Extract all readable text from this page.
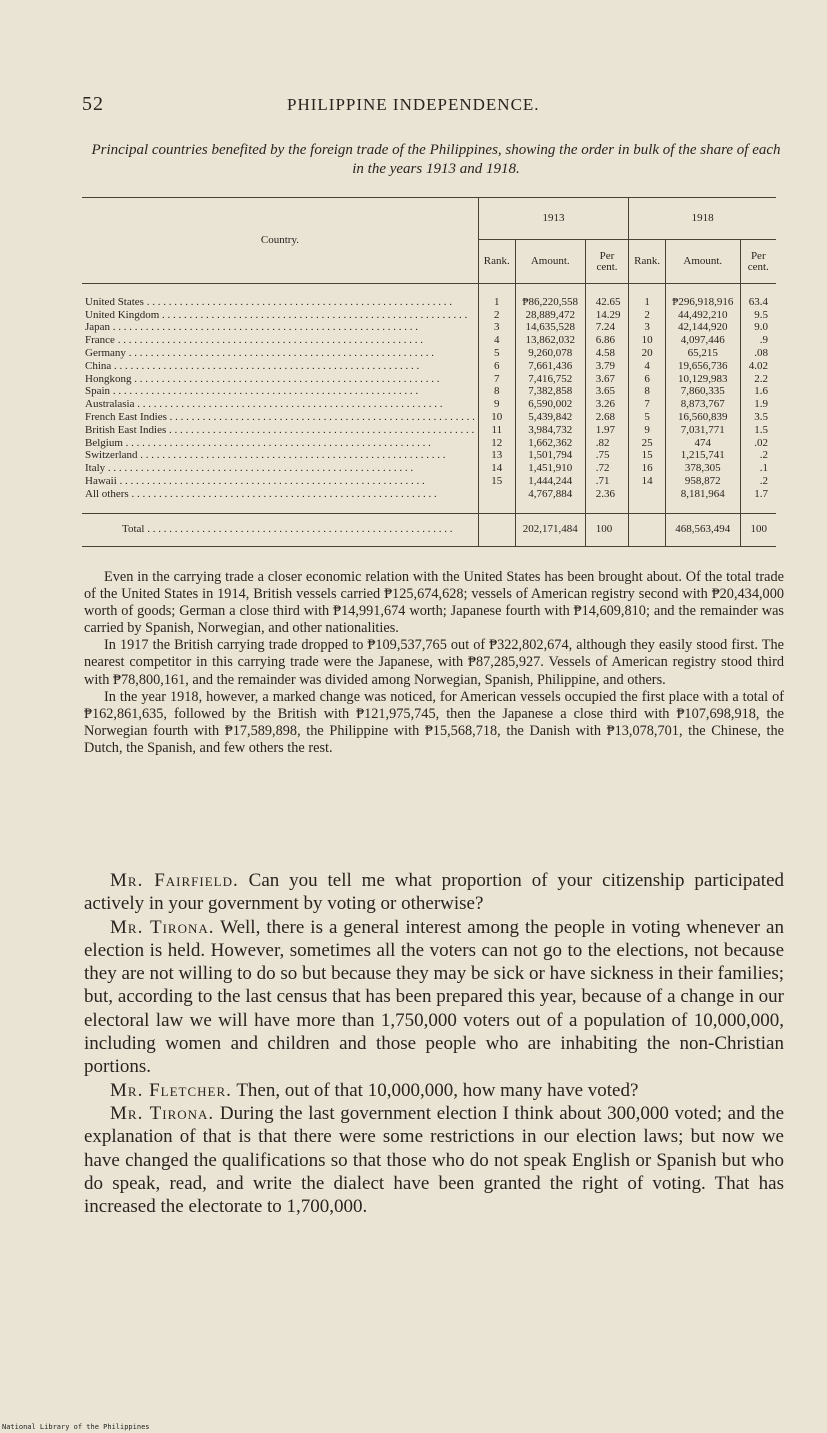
52	PHILIPPINE INDEPENDENCE.
Principal countries benefited by the foreign trade of the Philippines, showing the order in bulk of the share of each in the years 1913 and 1918.
Country.	1913			1918		
	Rank.	Amount.	Per cent.	Rank.	Amount.	Per cent.

United States . . .	1	₱86,220,558	42.65	1	₱296,918,916	63.4
United Kingdom . . .	2	28,889,472	14.29	2	44,492,210	9.5
Japan . . .	3	14,635,528	7.24	3	42,144,920	9.0
France . . .	4	13,862,032	6.86	10	4,097,446	.9
Germany . . .	5	9,260,078	4.58	20	65,215	.08
China . . .	6	7,661,436	3.79	4	19,656,736	4.02
Hongkong . . .	7	7,416,752	3.67	6	10,129,983	2.2
Spain . . .	8	7,382,858	3.65	8	7,860,335	1.6
Australasia . . .	9	6,590,002	3.26	7	8,873,767	1.9
French East Indies . . .	10	5,439,842	2.68	5	16,560,839	3.5
British East Indies . . .	11	3,984,732	1.97	9	7,031,771	1.5
Belgium . . .	12	1,662,362	.82	25	474	.02
Switzerland . . .	13	1,501,794	.75	15	1,215,741	.2
Italy . . .	14	1,451,910	.72	16	378,305	.1
Hawaii . . .	15	1,444,244	.71	14	958,872	.2
All others . . .		4,767,884	2.36		8,181,964	1.7

Total . . .		202,171,484	100		468,563,494	100

Even in the carrying trade a closer economic relation with the United States has been brought about. Of the total trade of the United States in 1914, British vessels carried ₱125,674,628; vessels of American registry second with ₱20,434,000 worth of goods; German a close third with ₱14,991,674 worth; Japanese fourth with ₱14,609,810; and the remainder was carried by Spanish, Norwegian, and other nationalities.

In 1917 the British carrying trade dropped to ₱109,537,765 out of ₱322,802,674, although they easily stood first. The nearest competitor in this carrying trade were the Japanese, with ₱87,285,927. Vessels of American registry stood third with ₱78,800,161, and the remainder was divided among Norwegian, Spanish, Philippine, and others.

In the year 1918, however, a marked change was noticed, for American vessels occupied the first place with a total of ₱162,861,635, followed by the British with ₱121,975,745, then the Japanese a close third with ₱107,698,918, the Norwegian fourth with ₱17,589,898, the Philippine with ₱15,568,718, the Danish with ₱13,078,701, the Chinese, the Dutch, the Spanish, and few others the rest.

Mr. Fairfield. Can you tell me what proportion of your citizenship participated actively in your government by voting or otherwise?

Mr. Tirona. Well, there is a general interest among the people in voting whenever an election is held. However, sometimes all the voters can not go to the elections, not because they are not willing to do so but because they may be sick or have sickness in their families; but, according to the last census that has been prepared this year, because of a change in our electoral law we will have more than 1,750,000 voters out of a population of 10,000,000, including women and children and those people who are inhabiting the non-Christian portions.

Mr. Fletcher. Then, out of that 10,000,000, how many have voted?

Mr. Tirona. During the last government election I think about 300,000 voted; and the explanation of that is that there were some restrictions in our election laws; but now we have changed the qualifications so that those who do not speak English or Spanish but who do speak, read, and write the dialect have been granted the right of voting. That has increased the electorate to 1,700,000.

National Library of the Philippines
